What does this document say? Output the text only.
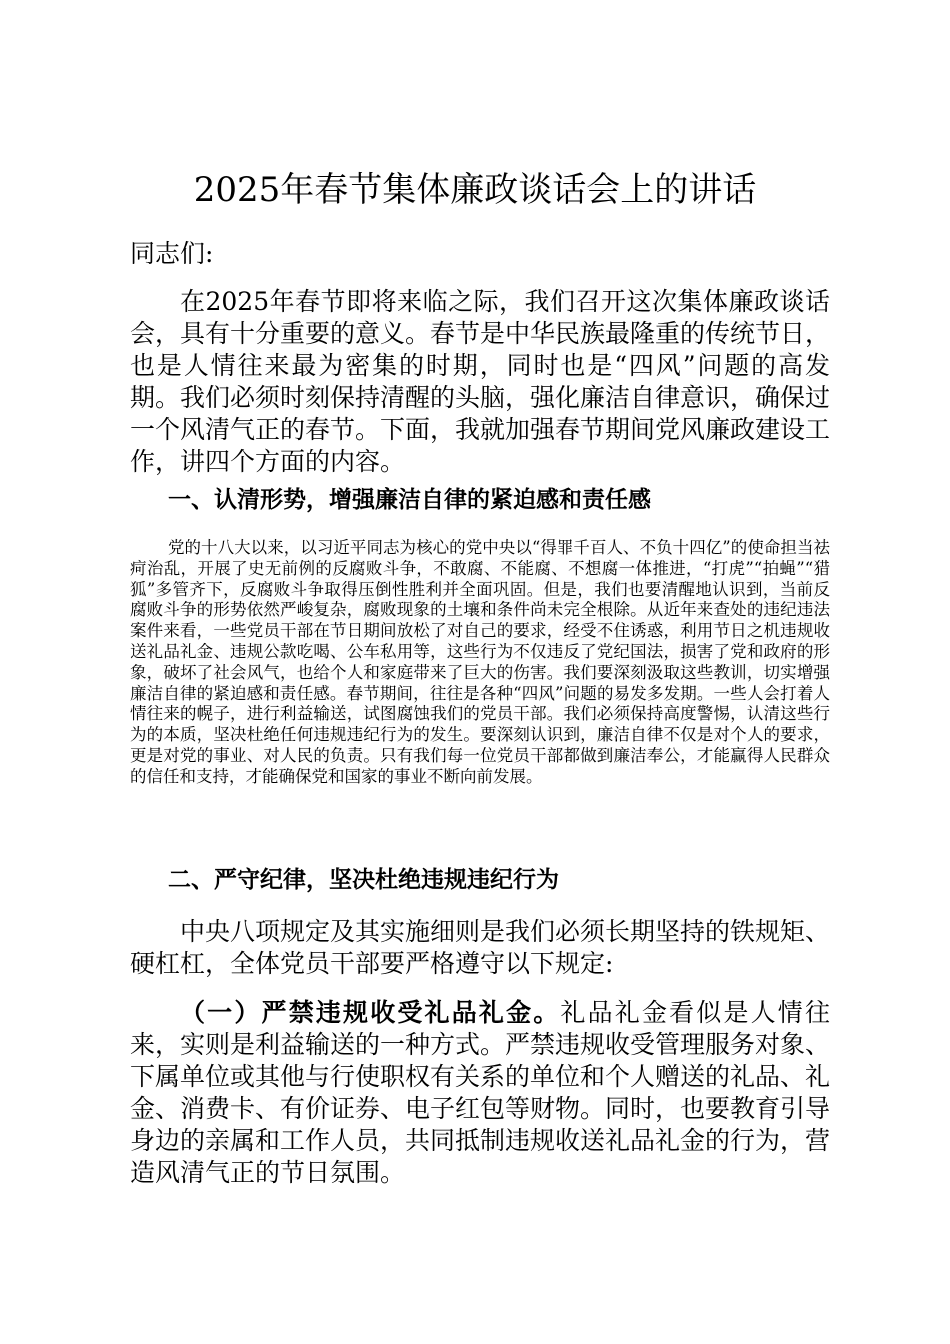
2025年春节集体廉政谈话会上的讲话

同志们:

在2025年春节即将来临之际，我们召开这次集体廉政谈话会，具有十分重要的意义。春节是中华民族最隆重的传统节日，也是人情往来最为密集的时期，同时也是“四风”问题的高发期。我们必须时刻保持清醒的头脑，强化廉洁自律意识，确保过一个风清气正的春节。下面，我就加强春节期间党风廉政建设工作，讲四个方面的内容。

一、认清形势，增强廉洁自律的紧迫感和责任感

党的十八大以来，以习近平同志为核心的党中央以“得罪千百人、不负十四亿”的使命担当祛疴治乱，开展了史无前例的反腐败斗争，不敢腐、不能腐、不想腐一体推进，“打虎”“拍蝇”“猎狐”多管齐下，反腐败斗争取得压倒性胜利并全面巩固。但是，我们也要清醒地认识到，当前反腐败斗争的形势依然严峻复杂，腐败现象的土壤和条件尚未完全根除。从近年来查处的违纪违法案件来看，一些党员干部在节日期间放松了对自己的要求，经受不住诱惑，利用节日之机违规收送礼品礼金、违规公款吃喝、公车私用等，这些行为不仅违反了党纪国法，损害了党和政府的形象，破坏了社会风气，也给个人和家庭带来了巨大的伤害。我们要深刻汲取这些教训，切实增强廉洁自律的紧迫感和责任感。春节期间，往往是各种“四风”问题的易发多发期。一些人会打着人情往来的幌子，进行利益输送，试图腐蚀我们的党员干部。我们必须保持高度警惕，认清这些行为的本质，坚决杜绝任何违规违纪行为的发生。要深刻认识到，廉洁自律不仅是对个人的要求，更是对党的事业、对人民的负责。只有我们每一位党员干部都做到廉洁奉公，才能赢得人民群众的信任和支持，才能确保党和国家的事业不断向前发展。

二、严守纪律，坚决杜绝违规违纪行为

中央八项规定及其实施细则是我们必须长期坚持的铁规矩、硬杠杠，全体党员干部要严格遵守以下规定:

（一）严禁违规收受礼品礼金。礼品礼金看似是人情往来，实则是利益输送的一种方式。严禁违规收受管理服务对象、下属单位或其他与行使职权有关系的单位和个人赠送的礼品、礼金、消费卡、有价证券、电子红包等财物。同时，也要教育引导身边的亲属和工作人员，共同抵制违规收送礼品礼金的行为，营造风清气正的节日氛围。
